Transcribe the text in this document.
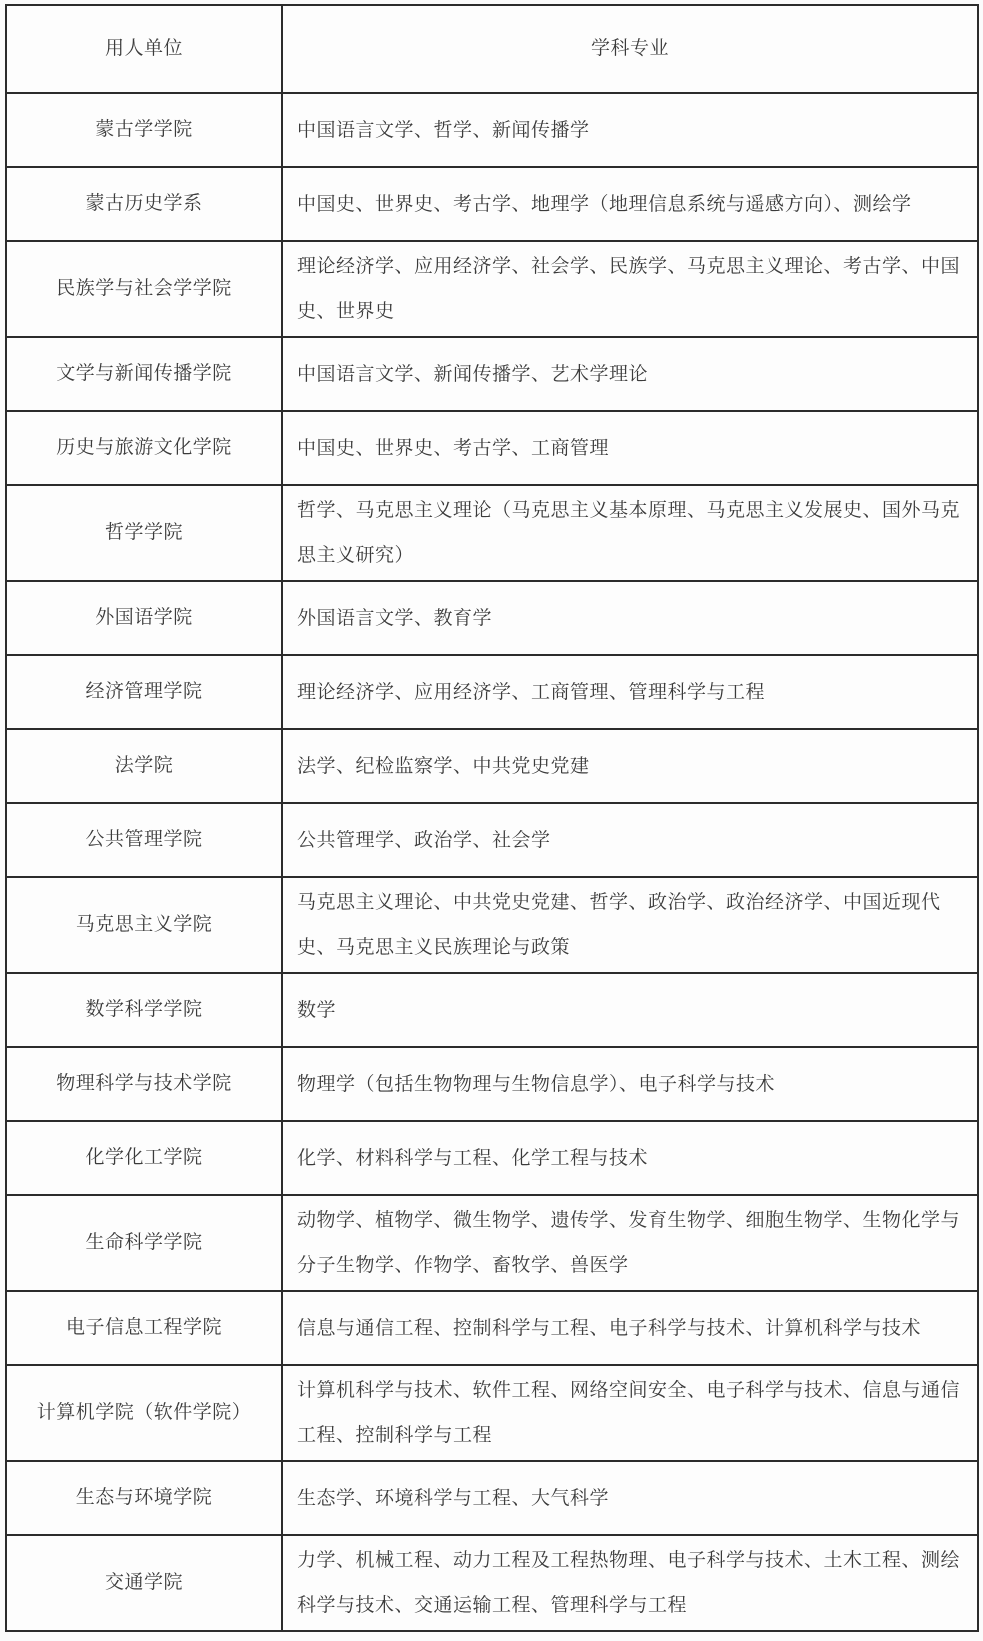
用人单位	学科专业
蒙古学学院	中国语言文学、哲学、新闻传播学
蒙古历史学系	中国史、世界史、考古学、地理学（地理信息系统与遥感方向）、测绘学
民族学与社会学学院	理论经济学、应用经济学、社会学、民族学、马克思主义理论、考古学、中国史、世界史
文学与新闻传播学院	中国语言文学、新闻传播学、艺术学理论
历史与旅游文化学院	中国史、世界史、考古学、工商管理
哲学学院	哲学、马克思主义理论（马克思主义基本原理、马克思主义发展史、国外马克思主义研究）
外国语学院	外国语言文学、教育学
经济管理学院	理论经济学、应用经济学、工商管理、管理科学与工程
法学院	法学、纪检监察学、中共党史党建
公共管理学院	公共管理学、政治学、社会学
马克思主义学院	马克思主义理论、中共党史党建、哲学、政治学、政治经济学、中国近现代史、马克思主义民族理论与政策
数学科学学院	数学
物理科学与技术学院	物理学（包括生物物理与生物信息学）、电子科学与技术
化学化工学院	化学、材料科学与工程、化学工程与技术
生命科学学院	动物学、植物学、微生物学、遗传学、发育生物学、细胞生物学、生物化学与分子生物学、作物学、畜牧学、兽医学
电子信息工程学院	信息与通信工程、控制科学与工程、电子科学与技术、计算机科学与技术
计算机学院（软件学院）	计算机科学与技术、软件工程、网络空间安全、电子科学与技术、信息与通信工程、控制科学与工程
生态与环境学院	生态学、环境科学与工程、大气科学
交通学院	力学、机械工程、动力工程及工程热物理、电子科学与技术、土木工程、测绘科学与技术、交通运输工程、管理科学与工程
